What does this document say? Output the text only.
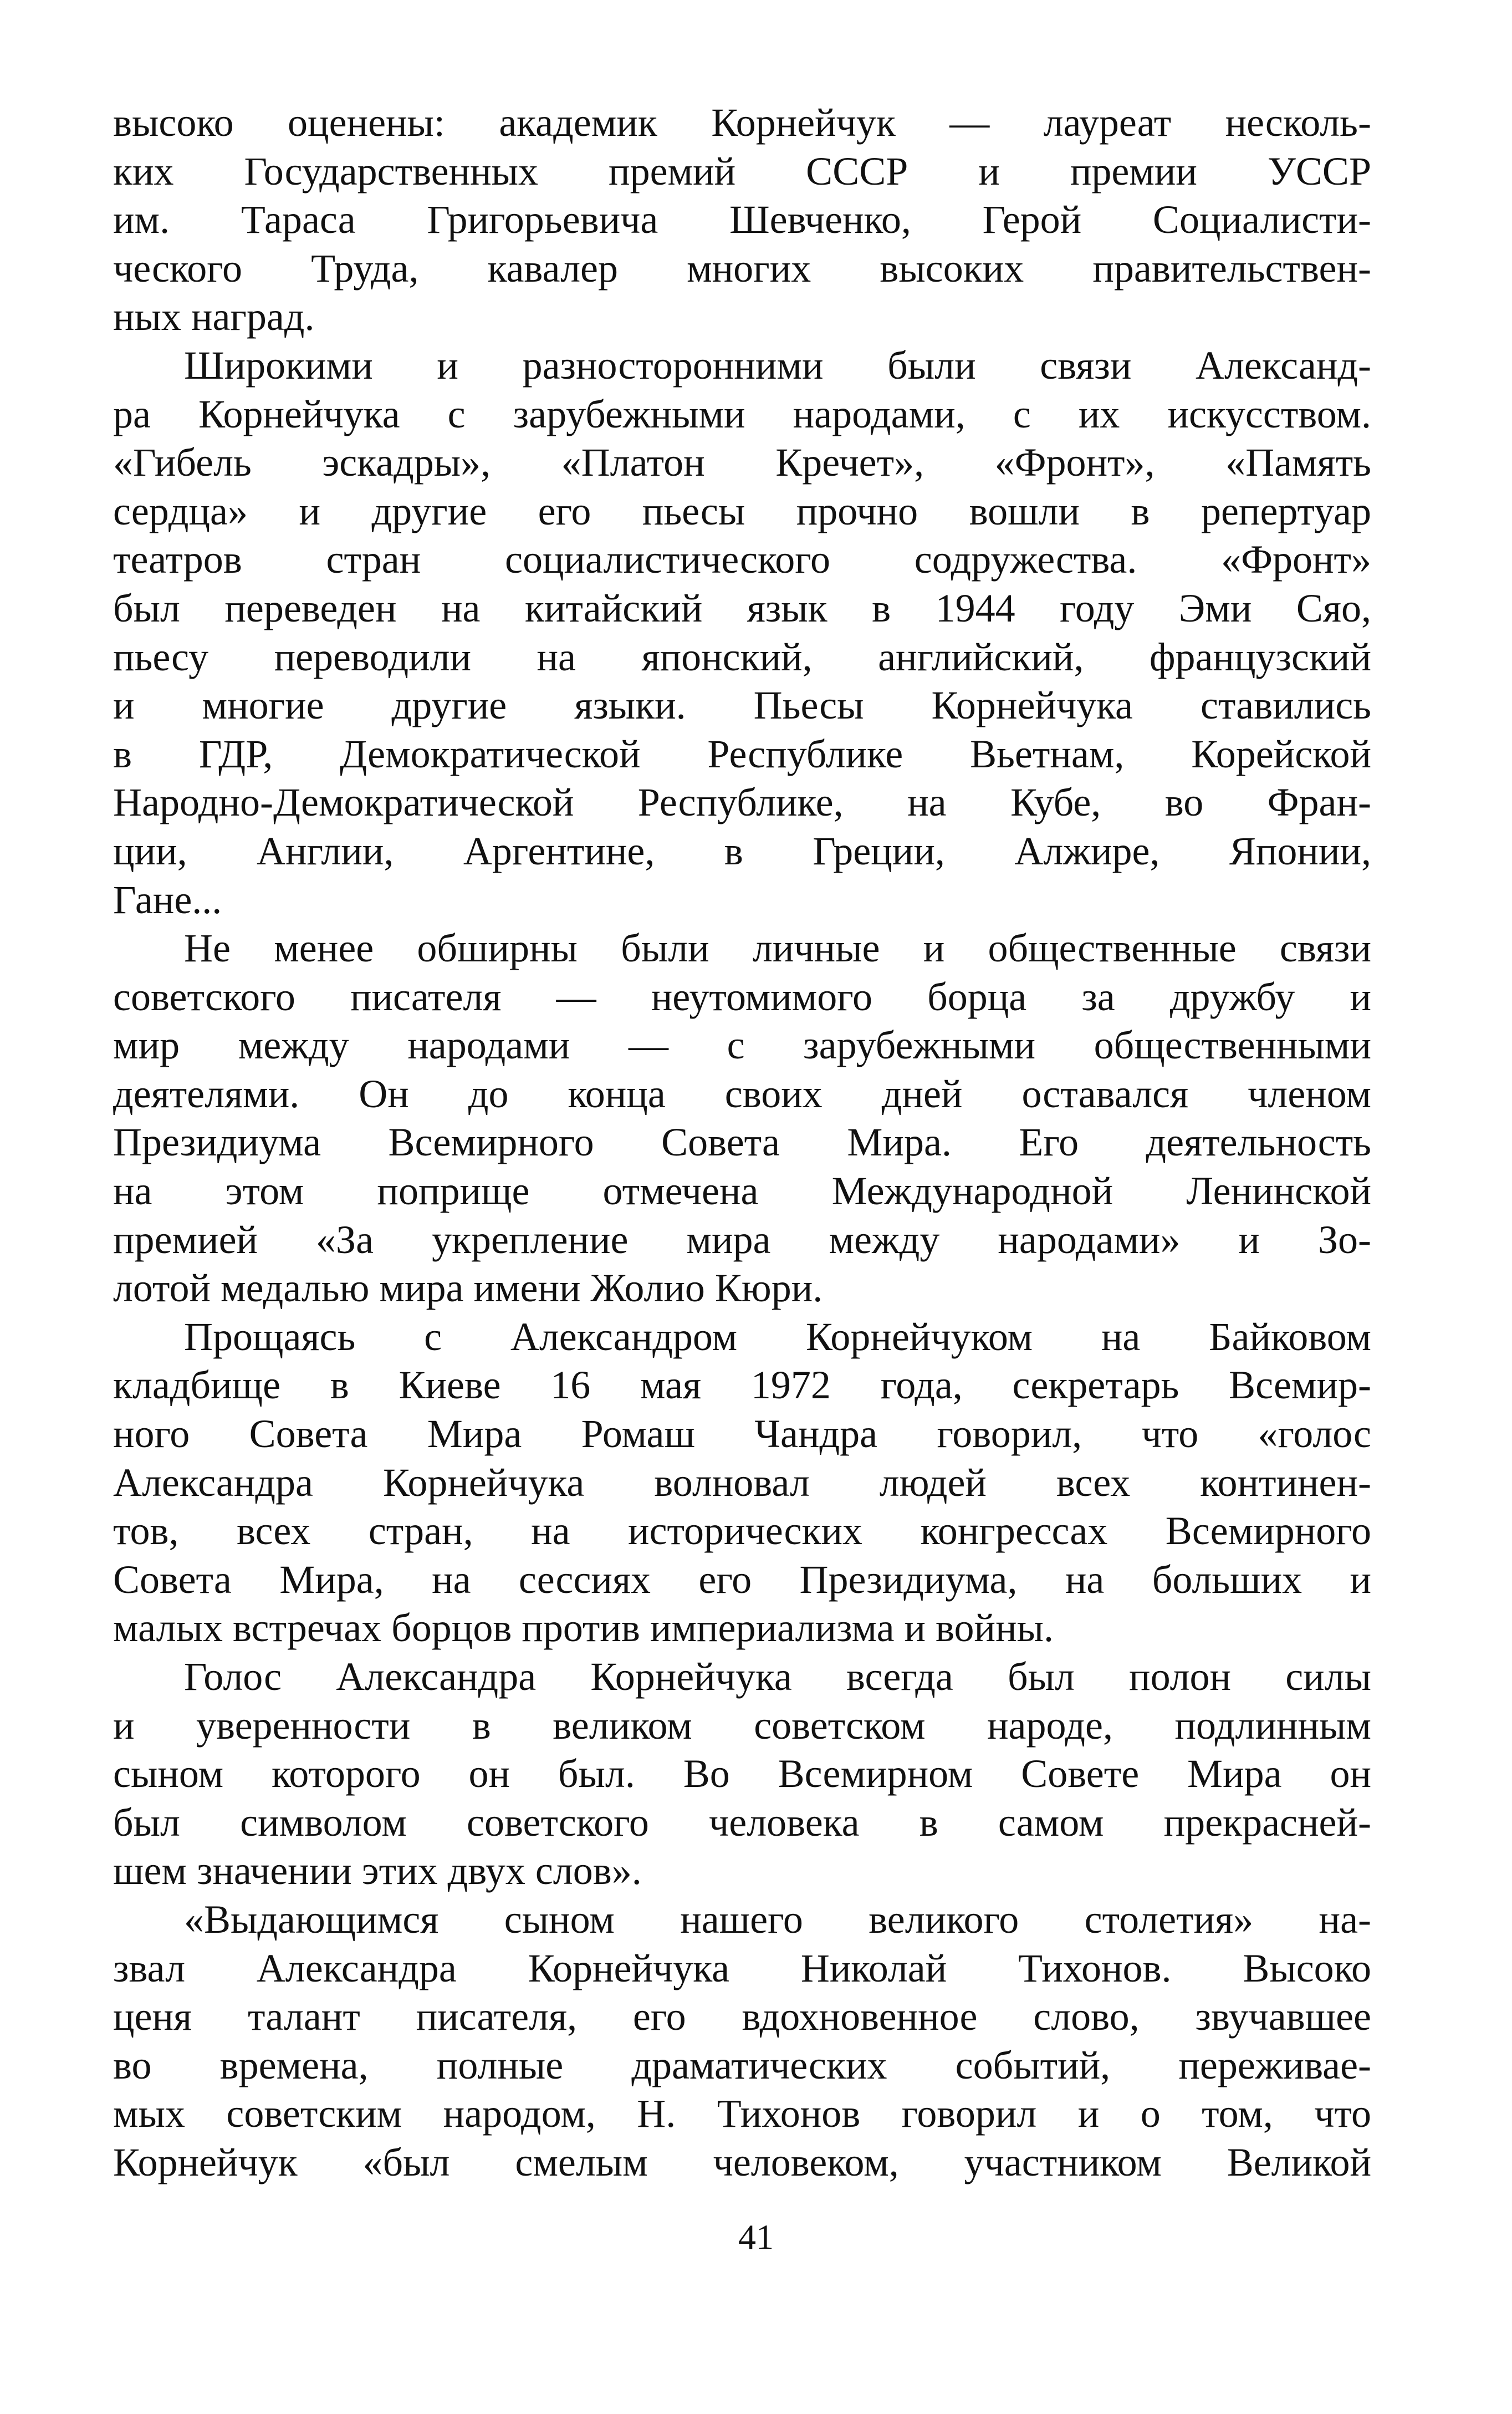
высоко оценены: академик Корнейчук — лауреат несколь-
ких Государственных премий СССР и премии УССР
им. Тараса Григорьевича Шевченко, Герой Социалисти-
ческого Труда, кавалер многих высоких правительствен-
ных наград.
Широкими и разносторонними были связи Александ-
ра Корнейчука с зарубежными народами, с их искусством.
«Гибель эскадры», «Платон Кречет», «Фронт», «Память
сердца» и другие его пьесы прочно вошли в репертуар
театров стран социалистического содружества. «Фронт»
был переведен на китайский язык в 1944 году Эми Сяо,
пьесу переводили на японский, английский, французский
и многие другие языки. Пьесы Корнейчука ставились
в ГДР, Демократической Республике Вьетнам, Корейской
Народно-Демократической Республике, на Кубе, во Фран-
ции, Англии, Аргентине, в Греции, Алжире, Японии,
Гане...
Не менее обширны были личные и общественные связи
советского писателя — неутомимого борца за дружбу и
мир между народами — с зарубежными общественными
деятелями. Он до конца своих дней оставался членом
Президиума Всемирного Совета Мира. Его деятельность
на этом поприще отмечена Международной Ленинской
премией «За укрепление мира между народами» и Зо-
лотой медалью мира имени Жолио Кюри.
Прощаясь с Александром Корнейчуком на Байковом
кладбище в Киеве 16 мая 1972 года, секретарь Всемир-
ного Совета Мира Ромаш Чандра говорил, что «голос
Александра Корнейчука волновал людей всех континен-
тов, всех стран, на исторических конгрессах Всемирного
Совета Мира, на сессиях его Президиума, на больших и
малых встречах борцов против империализма и войны.
Голос Александра Корнейчука всегда был полон силы
и уверенности в великом советском народе, подлинным
сыном которого он был. Во Всемирном Совете Мира он
был символом советского человека в самом прекрасней-
шем значении этих двух слов».
«Выдающимся сыном нашего великого столетия» на-
звал Александра Корнейчука Николай Тихонов. Высоко
ценя талант писателя, его вдохновенное слово, звучавшее
во времена, полные драматических событий, переживае-
мых советским народом, Н. Тихонов говорил и о том, что
Корнейчук «был смелым человеком, участником Великой
41
